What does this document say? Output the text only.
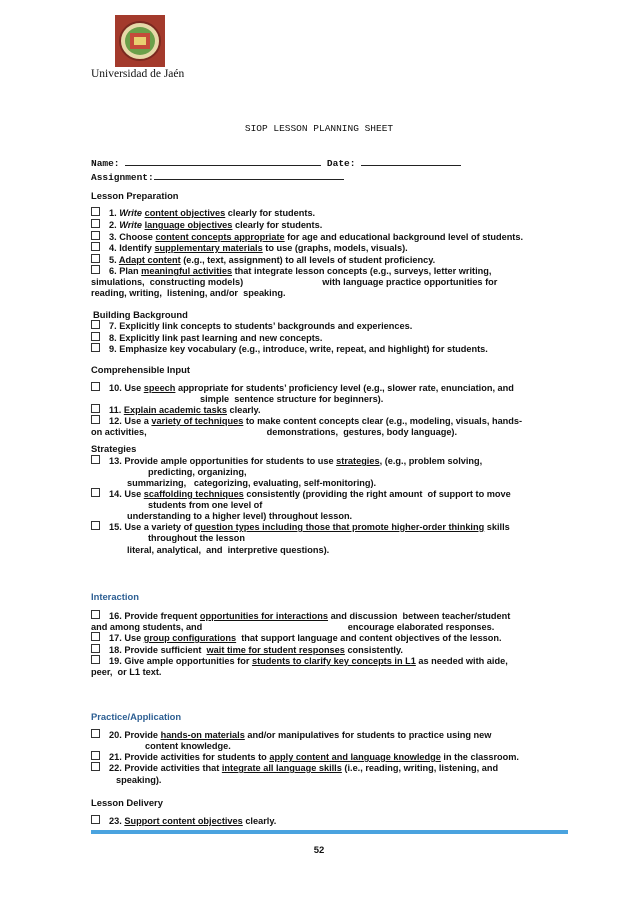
Universidad de Jaén
SIOP LESSON PLANNING SHEET
Name:	Date:
Assignment:
Lesson Preparation
1. Write content objectives clearly for students.
2. Write language objectives clearly for students.
3. Choose content concepts appropriate for age and educational background level of students.
4. Identify supplementary materials to use (graphs, models, visuals).
5. Adapt content (e.g., text, assignment) to all levels of student proficiency.
6. Plan meaningful activities that integrate lesson concepts (e.g., surveys, letter writing,
simulations,  constructing models)                               with language practice opportunities for
reading, writing,  listening, and/or  speaking.
Building Background
7. Explicitly link concepts to students’ backgrounds and experiences.
8. Explicitly link past learning and new concepts.
9. Emphasize key vocabulary (e.g., introduce, write, repeat, and highlight) for students.
Comprehensible Input
10. Use speech appropriate for students’ proficiency level (e.g., slower rate, enunciation, and
simple  sentence structure for beginners).
11. Explain academic tasks clearly.
12. Use a variety of techniques to make content concepts clear (e.g., modeling, visuals, hands-
on activities,                                               demonstrations,  gestures, body language).
Strategies
13. Provide ample opportunities for students to use strategies, (e.g., problem solving,
predicting, organizing,
summarizing,   categorizing, evaluating, self-monitoring).
14. Use scaffolding techniques consistently (providing the right amount  of support to move
students from one level of
understanding to a higher level) throughout lesson.
15. Use a variety of question types including those that promote higher-order thinking skills
throughout the lesson
literal, analytical,  and  interpretive questions).
Interaction
16. Provide frequent opportunities for interactions and discussion  between teacher/student
and among students, and                                                         encourage elaborated responses.
17. Use group configurations  that support language and content objectives of the lesson.
18. Provide sufficient  wait time for student responses consistently.
19. Give ample opportunities for students to clarify key concepts in L1 as needed with aide,
peer,  or L1 text.
Practice/Application
20. Provide hands-on materials and/or manipulatives for students to practice using new
content knowledge.
21. Provide activities for students to apply content and language knowledge in the classroom.
22. Provide activities that integrate all language skills (i.e., reading, writing, listening, and
speaking).
Lesson Delivery
23. Support content objectives clearly.
52
